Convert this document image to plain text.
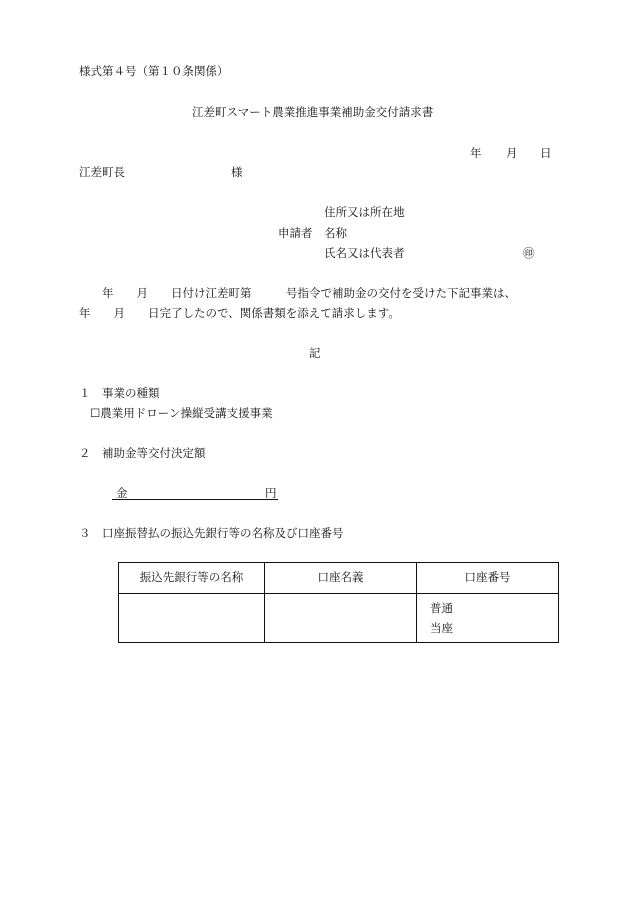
様式第４号（第１０条関係）
江差町スマート農業推進事業補助金交付請求書
年 月 日
江差町長	様
住所又は所在地
申請者 名称
氏名又は代表者	㊞
　　年　　月　　日付け江差町第　　　号指令で補助金の交付を受けた下記事業は、
年　　月　　日完了したので、関係書類を添えて請求します。
記
１　事業の種類
☐農業用ドローン操縦受講支援事業
２　補助金等交付決定額
金	円
３　口座振替払の振込先銀行等の名称及び口座番号
振込先銀行等の名称	口座名義	口座番号

		普通
当座
